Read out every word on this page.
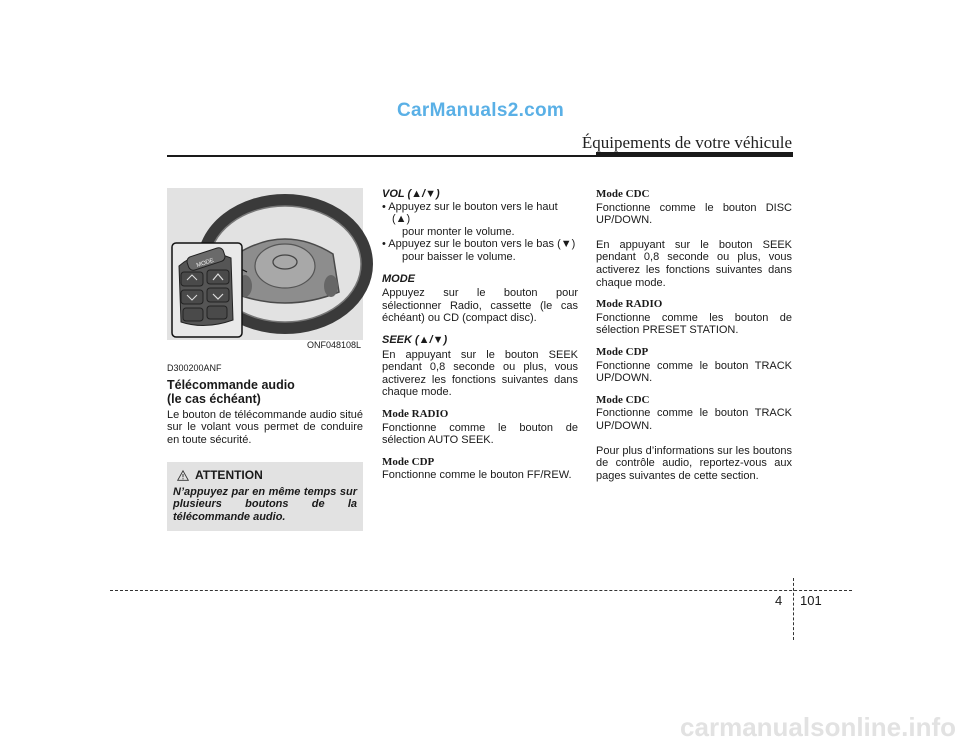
CarManuals2.com
Équipements de votre véhicule
MODE
ONF048108L
D300200ANF
Télécommande audio
(le cas échéant)
Le bouton de télécommande audio situé sur le volant vous permet de conduire en toute sécurité.
ATTENTION
N’appuyez par en même temps sur plusieurs boutons de la télécommande audio.
VOL (▲/▼)
• Appuyez sur le bouton vers le haut (▲)
pour monter le volume.
• Appuyez sur le bouton vers le bas (▼)
pour baisser le volume.
MODE
Appuyez sur le bouton pour sélectionner Radio, cassette (le cas échéant) ou CD (compact disc).
SEEK (▲/▼)
En appuyant sur le bouton SEEK pendant 0,8 seconde ou plus, vous activerez les fonctions suivantes dans chaque mode.
Mode RADIO
Fonctionne comme le bouton de sélection AUTO SEEK.
Mode CDP
Fonctionne comme le bouton FF/REW.
Mode CDC
Fonctionne comme le bouton DISC UP/DOWN.
En appuyant sur le bouton SEEK pendant 0,8 seconde ou plus, vous activerez les fonctions suivantes dans chaque mode.
Mode RADIO
Fonctionne comme les bouton de sélection PRESET STATION.
Mode CDP
Fonctionne comme le bouton TRACK UP/DOWN.
Mode CDC
Fonctionne comme le bouton TRACK UP/DOWN.
Pour plus d’informations sur les boutons de contrôle audio, reportez-vous aux pages suivantes de cette section.
4 101
carmanualsonline.info
